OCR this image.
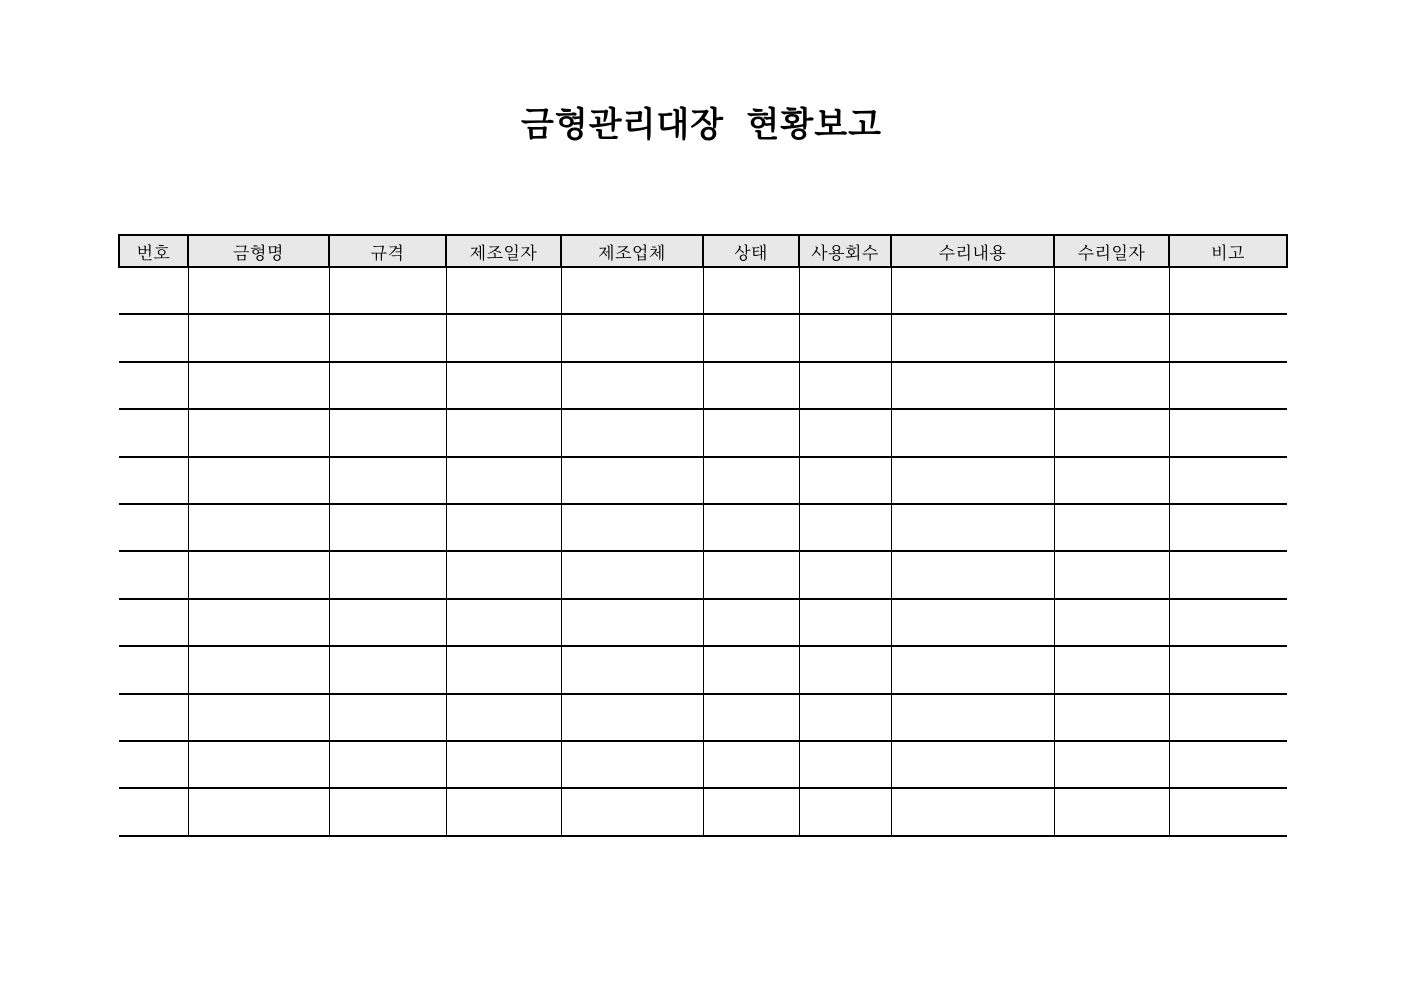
금형관리대장 현황보고
번호	금형명	규격	제조일자	제조업체	상태	사용회수	수리내용	수리일자	비고
